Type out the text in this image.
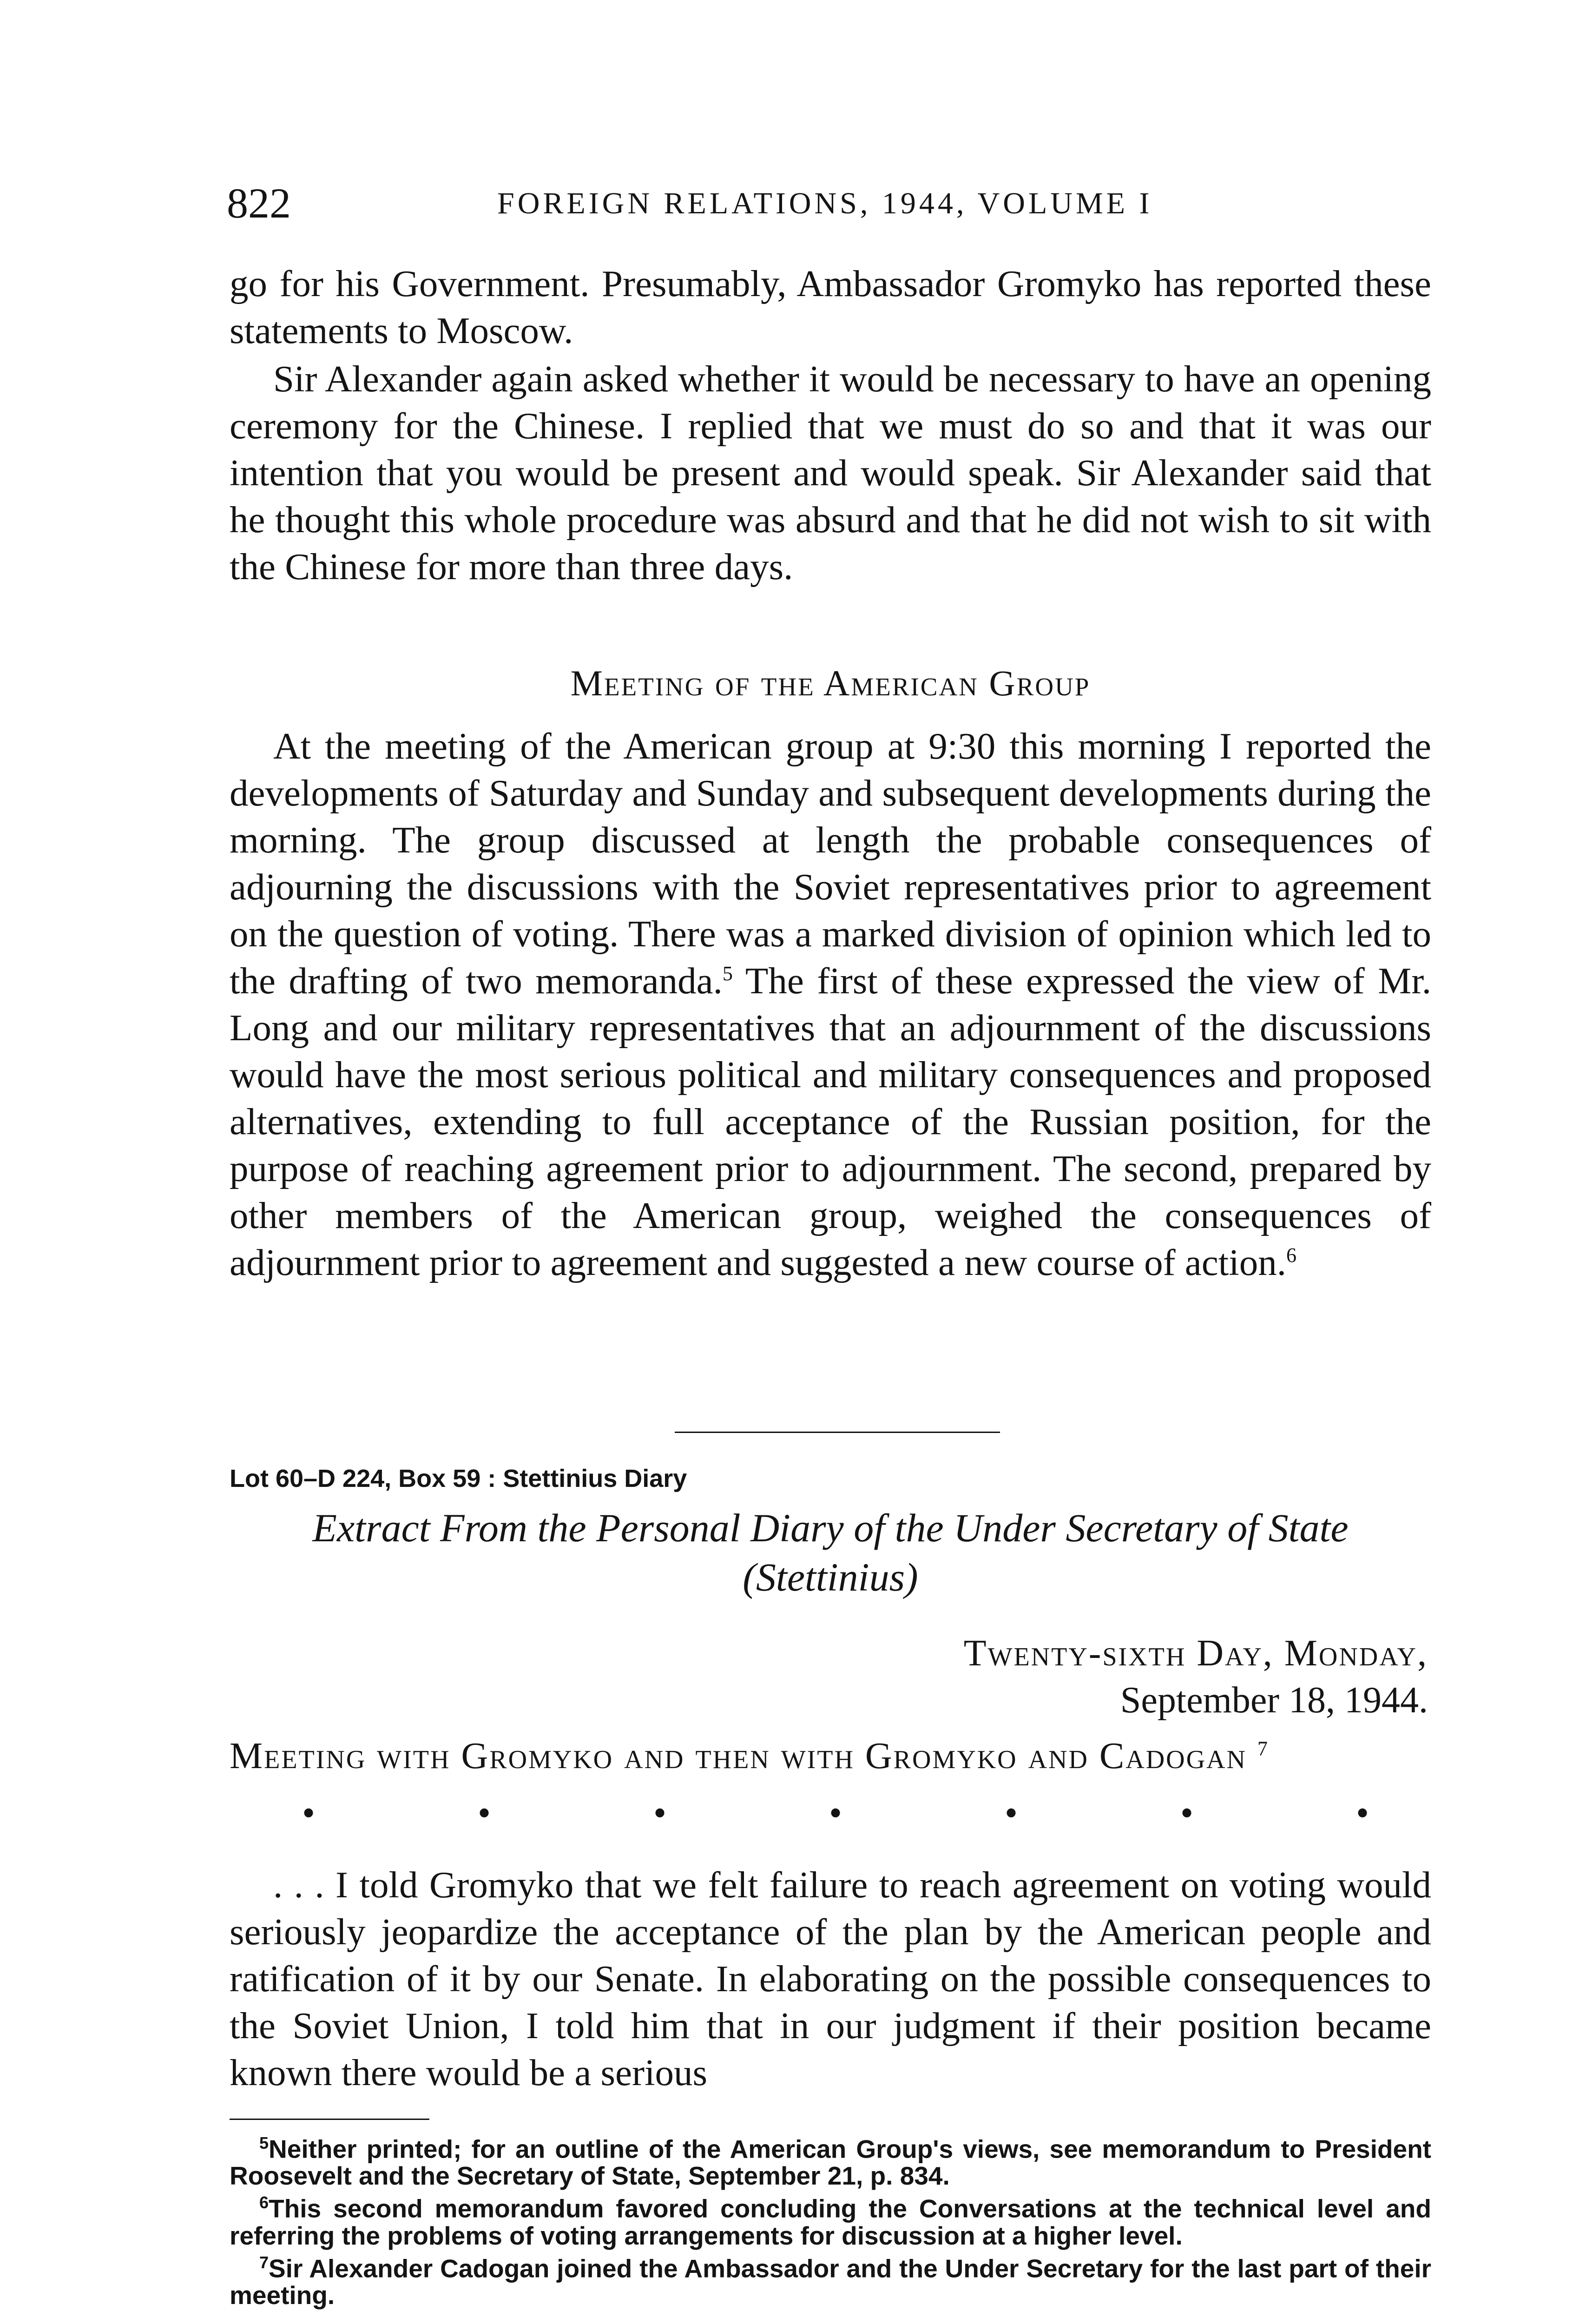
822	FOREIGN RELATIONS, 1944, VOLUME I

go for his Government. Presumably, Ambassador Gromyko has reported these statements to Moscow.

Sir Alexander again asked whether it would be necessary to have an opening ceremony for the Chinese. I replied that we must do so and that it was our intention that you would be present and would speak. Sir Alexander said that he thought this whole procedure was absurd and that he did not wish to sit with the Chinese for more than three days.

Meeting of the American Group

At the meeting of the American group at 9:30 this morning I reported the developments of Saturday and Sunday and subsequent developments during the morning. The group discussed at length the probable consequences of adjourning the discussions with the Soviet representatives prior to agreement on the question of voting. There was a marked division of opinion which led to the drafting of two memoranda.$^5$ The first of these expressed the view of Mr. Long and our military representatives that an adjournment of the discussions would have the most serious political and military consequences and proposed alternatives, extending to full acceptance of the Russian position, for the purpose of reaching agreement prior to adjournment. The second, prepared by other members of the American group, weighed the consequences of adjournment prior to agreement and suggested a new course of action.$^6$

Lot 60–D 224, Box 59 : Stettinius Diary
Extract From the Personal Diary of the Under Secretary of State
(Stettinius)
Twenty-sixth Day, Monday,
September 18, 1944.
Meeting with Gromyko and then with Gromyko and Cadogan $^7$
•	•	•	•	•	•	•

. . . I told Gromyko that we felt failure to reach agreement on voting would seriously jeopardize the acceptance of the plan by the American people and ratification of it by our Senate. In elaborating on the possible consequences to the Soviet Union, I told him that in our judgment if their position became known there would be a serious

$^5$Neither printed; for an outline of the American Group's views, see memorandum to President Roosevelt and the Secretary of State, September 21, p. 834.

$^6$This second memorandum favored concluding the Conversations at the technical level and referring the problems of voting arrangements for discussion at a higher level.

$^7$Sir Alexander Cadogan joined the Ambassador and the Under Secretary for the last part of their meeting.
